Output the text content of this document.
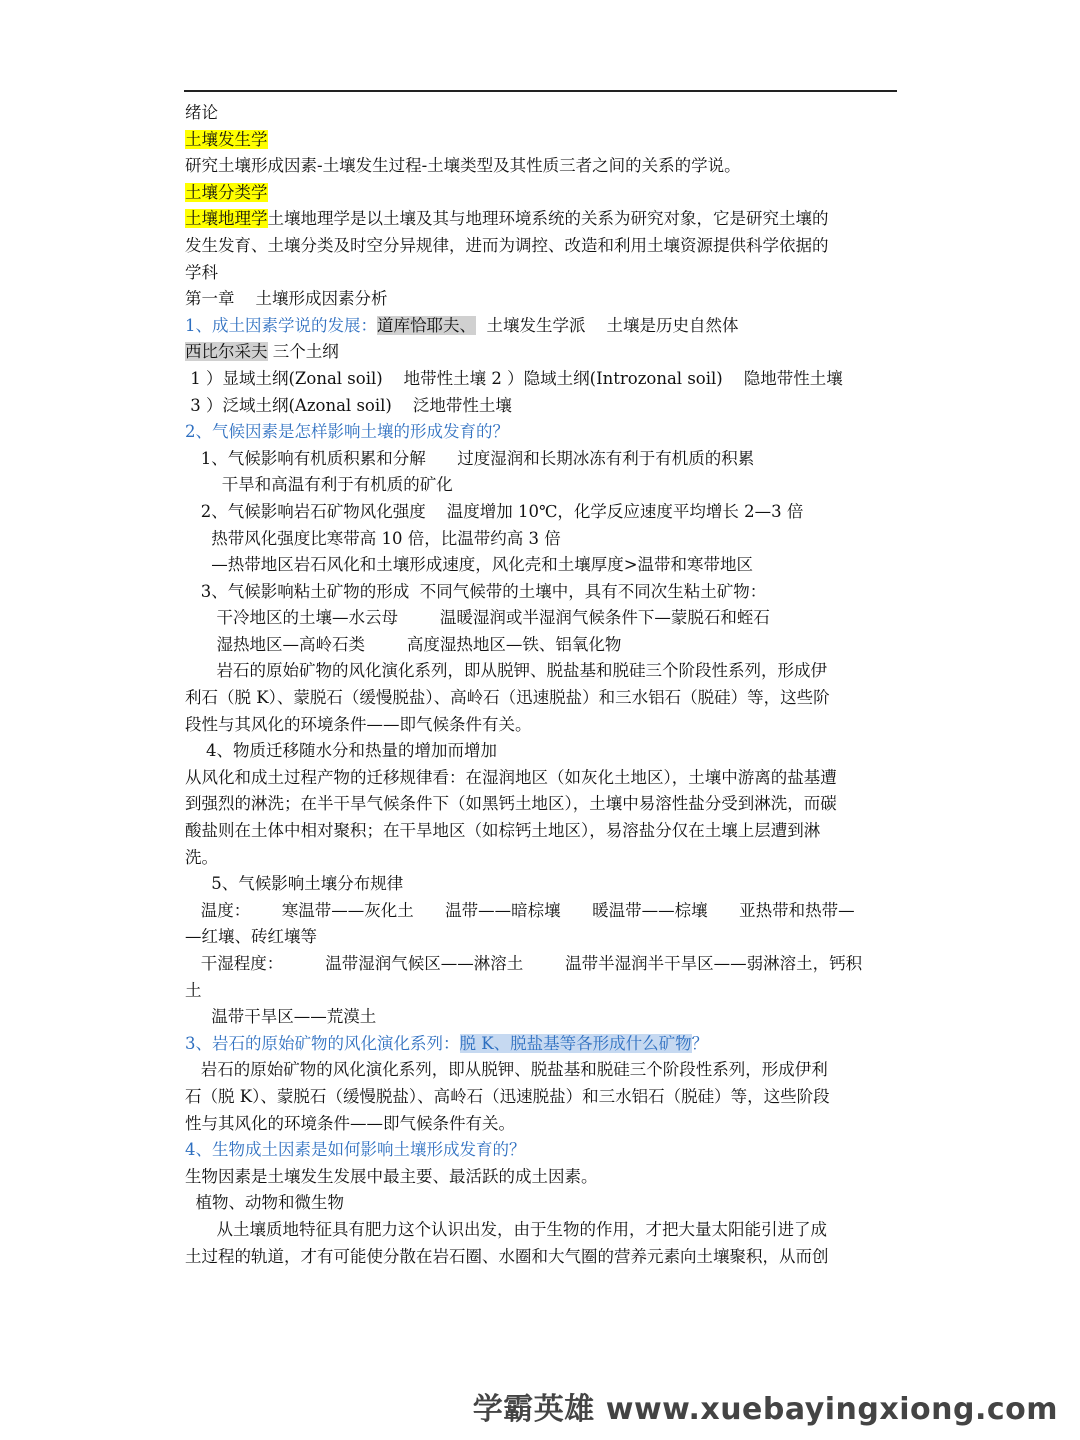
绪论
土壤发生学
研究土壤形成因素-土壤发生过程-土壤类型及其性质三者之间的关系的学说。
土壤分类学
土壤地理学土壤地理学是以土壤及其与地理环境系统的关系为研究对象，它是研究土壤的
发生发育、土壤分类及时空分异规律，进而为调控、改造和利用土壤资源提供科学依据的
学科
第一章    土壤形成因素分析
1、成土因素学说的发展：道库恰耶夫、  土壤发生学派    土壤是历史自然体
西比尔采夫 三个土纲
1 ）显域土纲(Zonal soil)    地带性土壤 2 ）隐域土纲(Introzonal soil)    隐地带性土壤
3 ）泛域土纲(Azonal soil)    泛地带性土壤
2、气候因素是怎样影响土壤的形成发育的？
1、气候影响有机质积累和分解      过度湿润和长期冰冻有利于有机质的积累
干旱和高温有利于有机质的矿化
2、气候影响岩石矿物风化强度    温度增加 10℃，化学反应速度平均增长 2—3 倍
热带风化强度比寒带高 10 倍，比温带约高 3 倍
—热带地区岩石风化和土壤形成速度，风化壳和土壤厚度>温带和寒带地区
3、气候影响粘土矿物的形成  不同气候带的土壤中，具有不同次生粘土矿物：
干冷地区的土壤—水云母        温暖湿润或半湿润气候条件下—蒙脱石和蛭石
湿热地区—高岭石类        高度湿热地区—铁、铝氧化物
岩石的原始矿物的风化演化系列，即从脱钾、脱盐基和脱硅三个阶段性系列，形成伊
利石（脱 K）、蒙脱石（缓慢脱盐）、高岭石（迅速脱盐）和三水铝石（脱硅）等，这些阶
段性与其风化的环境条件——即气候条件有关。
4、物质迁移随水分和热量的增加而增加
从风化和成土过程产物的迁移规律看：在湿润地区（如灰化土地区），土壤中游离的盐基遭
到强烈的淋洗；在半干旱气候条件下（如黑钙土地区），土壤中易溶性盐分受到淋洗，而碳
酸盐则在土体中相对聚积；在干旱地区（如棕钙土地区），易溶盐分仅在土壤上层遭到淋
洗。
5、气候影响土壤分布规律
温度：      寒温带——灰化土      温带——暗棕壤      暖温带——棕壤      亚热带和热带—
—红壤、砖红壤等
干湿程度：        温带湿润气候区——淋溶土        温带半湿润半干旱区——弱淋溶土，钙积
土
温带干旱区——荒漠土
3、岩石的原始矿物的风化演化系列：脱 K、脱盐基等各形成什么矿物？
岩石的原始矿物的风化演化系列，即从脱钾、脱盐基和脱硅三个阶段性系列，形成伊利
石（脱 K）、蒙脱石（缓慢脱盐）、高岭石（迅速脱盐）和三水铝石（脱硅）等，这些阶段
性与其风化的环境条件——即气候条件有关。
4、生物成土因素是如何影响土壤形成发育的？
生物因素是土壤发生发展中最主要、最活跃的成土因素。
植物、动物和微生物
从土壤质地特征具有肥力这个认识出发，由于生物的作用，才把大量太阳能引进了成
土过程的轨道，才有可能使分散在岩石圈、水圈和大气圈的营养元素向土壤聚积，从而创
学霸英雄 www.xuebayingxiong.com
